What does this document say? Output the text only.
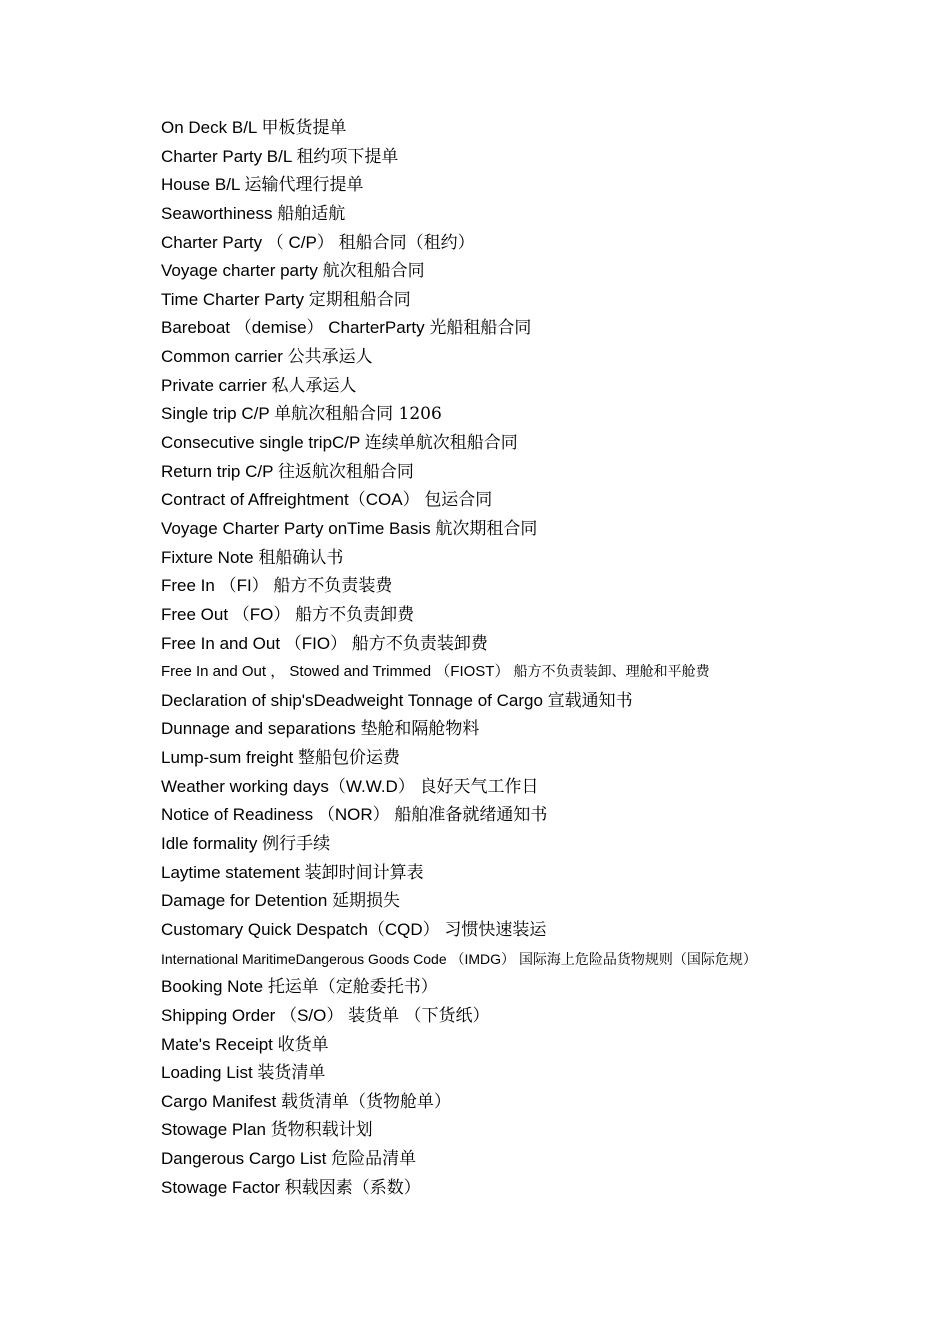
On Deck B/L 甲板货提单
Charter Party B/L 租约项下提单
House B/L 运输代理行提单
Seaworthiness 船舶适航
Charter Party （ C/P） 租船合同（租约）
Voyage charter party 航次租船合同
Time Charter Party 定期租船合同
Bareboat （demise） CharterParty 光船租船合同
Common carrier 公共承运人
Private carrier 私人承运人
Single trip C/P 单航次租船合同 1206
Consecutive single tripC/P 连续单航次租船合同
Return trip C/P 往返航次租船合同
Contract of Affreightment（COA） 包运合同
Voyage Charter Party onTime Basis 航次期租合同
Fixture Note 租船确认书
Free In （FI） 船方不负责装费
Free Out （FO） 船方不负责卸费
Free In and Out （FIO） 船方不负责装卸费
Free In and Out ， Stowed and Trimmed （FIOST） 船方不负责装卸、理舱和平舱费
Declaration of ship'sDeadweight Tonnage of Cargo 宣载通知书
Dunnage and separations 垫舱和隔舱物料
Lump-sum freight 整船包价运费
Weather working days（W.W.D） 良好天气工作日
Notice of Readiness （NOR） 船舶准备就绪通知书
Idle formality 例行手续
Laytime statement 装卸时间计算表
Damage for Detention 延期损失
Customary Quick Despatch（CQD） 习惯快速装运
International MaritimeDangerous Goods Code （IMDG） 国际海上危险品货物规则（国际危规）
Booking Note 托运单（定舱委托书）
Shipping Order （S/O） 装货单 （下货纸）
Mate's Receipt 收货单
Loading List 装货清单
Cargo Manifest 载货清单（货物舱单）
Stowage Plan 货物积载计划
Dangerous Cargo List 危险品清单
Stowage Factor 积载因素（系数）
